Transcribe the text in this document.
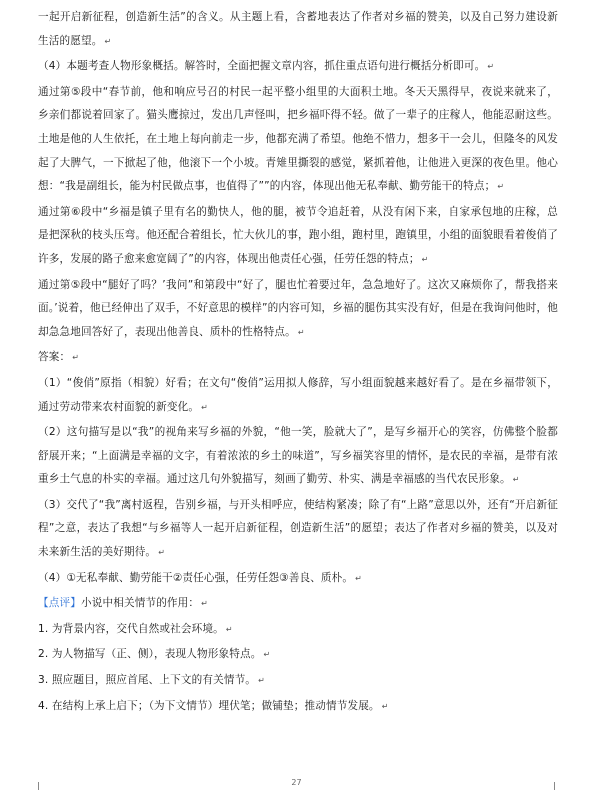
一起开启新征程，创造新生活”的含义。从主题上看，含蓄地表达了作者对乡福的赞美，以及自己努力建设新生活的愿望。 ↵

（4）本题考查人物形象概括。解答时，全面把握文章内容，抓住重点语句进行概括分析即可。 ↵

通过第⑤段中“春节前，他和响应号召的村民一起平整小组里的大面积土地。冬天天黑得早，夜说来就来了，乡亲们都说着回家了。猫头鹰掠过，发出几声怪叫，把乡福吓得不轻。做了一辈子的庄稼人，他能忍耐这些。土地是他的人生依托，在土地上每向前走一步，他都充满了希望。他绝不惜力，想多干一会儿，但隆冬的风发起了大脾气，一下掀起了他，他滚下一个小坡。青雉里撕裂的感觉，紧抓着他，让他进入更深的夜色里。他心想：“我是副组长，能为村民做点事，也值得了””的内容，体现出他无私奉献、勤劳能干的特点； ↵

通过第⑥段中“乡福是镇子里有名的勤快人，他的腿，被节令追赶着，从没有闲下来，自家承包地的庄稼，总是把深秋的枝头压弯。他还配合着组长，忙大伙儿的事，跑小组，跑村里，跑镇里，小组的面貌眼看着俊俏了许多，发展的路子愈来愈宽阔了”的内容，体现出他责任心强，任劳任怨的特点； ↵

通过第⑤段中“腿好了吗？’我问”和第段中“好了，腿也忙着要过年，急急地好了。这次又麻烦你了，帮我搭来面。’说着，他已经伸出了双手，不好意思的模样”的内容可知，乡福的腿伤其实没有好，但是在我询问他时，他却急急地回答好了，表现出他善良、质朴的性格特点。 ↵

答案： ↵

（1）“俊俏”原指（相貌）好看；在文句“俊俏”运用拟人修辞，写小组面貌越来越好看了。是在乡福带领下，通过劳动带来农村面貌的新变化。 ↵

（2）这句描写是以“我”的视角来写乡福的外貌，“他一笑，脸就大了”，是写乡福开心的笑容，仿佛整个脸都舒展开来；“上面满是幸福的文字，有着浓浓的乡土的味道”，写乡福笑容里的情怀，是农民的幸福，是带有浓重乡土气息的朴实的幸福。通过这几句外貌描写，刻画了勤劳、朴实、满是幸福感的当代农民形象。 ↵

（3）交代了“我”离村返程，告别乡福，与开头相呼应，使结构紧凑；除了有“上路”意思以外，还有“开启新征程”之意，表达了我想“与乡福等人一起开启新征程，创造新生活”的愿望；表达了作者对乡福的赞美，以及对未来新生活的美好期待。 ↵

（4）①无私奉献、勤劳能干②责任心强，任劳任怨③善良、质朴。 ↵

【点评】小说中相关情节的作用： ↵

1. 为背景内容，交代自然或社会环境。 ↵

2. 为人物描写（正、侧），表现人物形象特点。 ↵

3. 照应题目，照应首尾、上下文的有关情节。 ↵

4. 在结构上承上启下；（为下文情节）埋伏笔；做铺垫；推动情节发展。 ↵

27
